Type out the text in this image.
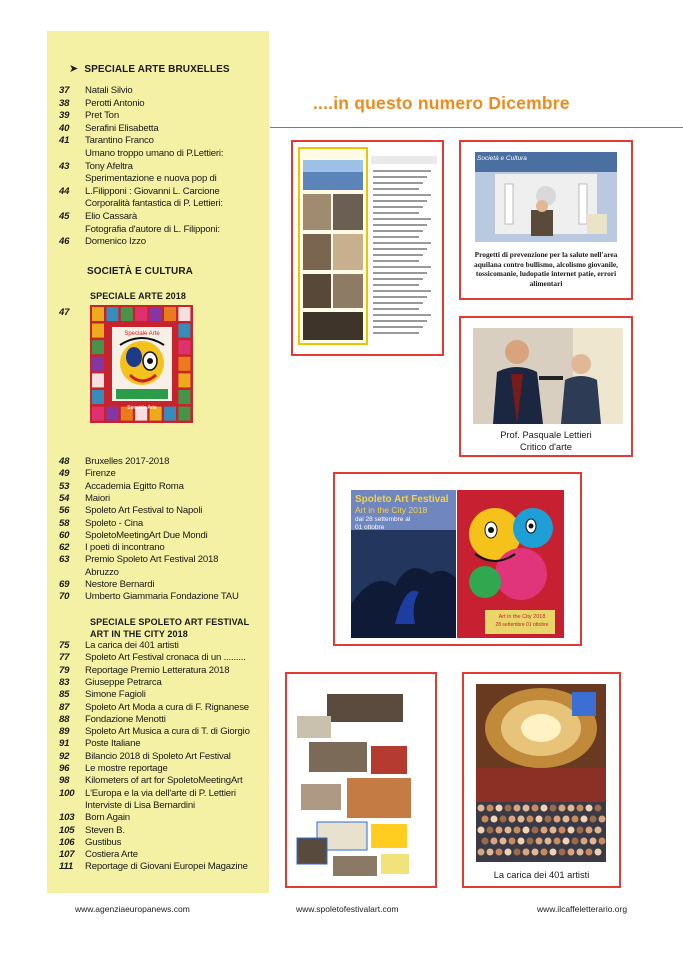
➤ SPECIALE ARTE BRUXELLES
37 Natali Silvio
38 Perotti Antonio
39 Pret Ton
40 Serafini Elisabetta
41 Tarantino Franco
Umano troppo umano di P.Lettieri:
43 Tony Afeltra
Sperimentazione e nuova pop di
44 L.Filipponi : Giovanni L. Carcione
Corporalità fantastica di P. Lettieri:
45 Elio Cassarà
Fotografia d'autore di L. Filipponi:
46 Domenico Izzo
SOCIETÀ E CULTURA
SPECIALE ARTE 2018
47
Speciale Arte
Speciale Arte
48 Bruxelles 2017-2018
49 Firenze
53 Accademia Egitto Roma
54 Maiori
56 Spoleto Art Festival to Napoli
58 Spoleto - Cina
60 SpoletoMeetingArt Due Mondi
62 I poeti di incontrano
63 Premio Spoleto Art Festival 2018
Abruzzo
69 Nestore Bernardi
70 Umberto Giammaria Fondazione TAU
SPECIALE SPOLETO ART FESTIVAL
ART IN THE CITY 2018
75 La carica dei 401 artisti
77 Spoleto Art Festival cronaca di un .........
79 Reportage Premio Letteratura 2018
83 Giuseppe Petrarca
85 Simone Fagioli
87 Spoleto Art Moda a cura di F. Rignanese
88 Fondazione Menotti
89 Spoleto Art Musica a cura di T. di Giorgio
91 Poste Italiane
92 Bilancio 2018 di Spoleto Art Festival
96 Le mostre reportage
98 Kilometers of art for SpoletoMeetingArt
100 L'Europa e la via dell'arte di P. Lettieri
Interviste di Lisa Bernardini
103 Born Again
105 Steven B.
106 Gustibus
107 Costiera Arte
111 Reportage di Giovani Europei Magazine
....in questo numero Dicembre
Società e Cultura
Progetti di prevenzione per la salute nell'area aquilana contro bullismo, alcolismo giovanile, tossicomanie, ludopatie internet patie, errori alimentari
Prof. Pasquale Lettieri
Critico d'arte
Spoleto Art Festival
Art in the City 2018
dal 28 settembre al 01 ottobre
Art in the City 2018
28 settembre 01 ottobre
La carica dei 401 artisti
www.agenziaeuropanews.com	www.spoletofestivalart.com	www.ilcaffeletterario.org
